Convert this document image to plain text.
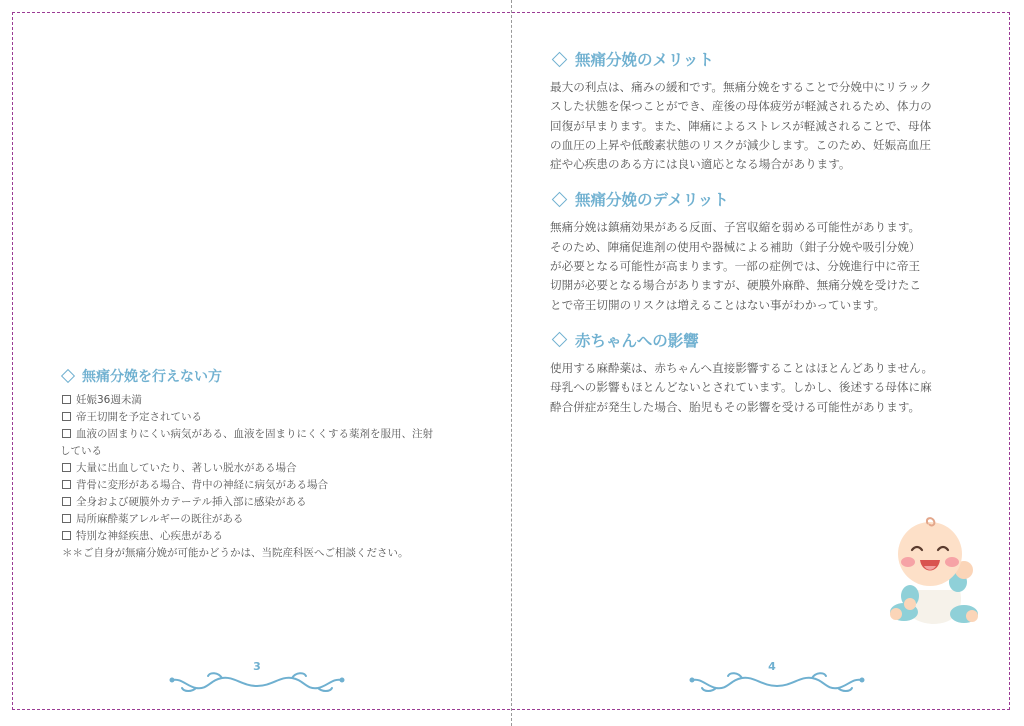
無痛分娩を行えない方
妊娠36週未満
帝王切開を予定されている
血液の固まりにくい病気がある、血液を固まりにくくする薬剤を服用、注射
している
大量に出血していたり、著しい脱水がある場合
背骨に変形がある場合、背中の神経に病気がある場合
全身および硬膜外カテーテル挿入部に感染がある
局所麻酔薬アレルギーの既往がある
特別な神経疾患、心疾患がある
＊＊ご自身が無痛分娩が可能かどうかは、当院産科医へご相談ください。
3
無痛分娩のメリット

最大の利点は、痛みの緩和です。無痛分娩をすることで分娩中にリラック
スした状態を保つことができ、産後の母体疲労が軽減されるため、体力の
回復が早まります。また、陣痛によるストレスが軽減されることで、母体
の血圧の上昇や低酸素状態のリスクが減少します。このため、妊娠高血圧
症や心疾患のある方には良い適応となる場合があります。

無痛分娩のデメリット

無痛分娩は鎮痛効果がある反面、子宮収縮を弱める可能性があります。
そのため、陣痛促進剤の使用や器械による補助（鉗子分娩や吸引分娩）
が必要となる可能性が高まります。一部の症例では、分娩進行中に帝王
切開が必要となる場合がありますが、硬膜外麻酔、無痛分娩を受けたこ
とで帝王切開のリスクは増えることはない事がわかっています。

赤ちゃんへの影響

使用する麻酔薬は、赤ちゃんへ直接影響することはほとんどありません。
母乳への影響もほとんどないとされています。しかし、後述する母体に麻
酔合併症が発生した場合、胎児もその影響を受ける可能性があります。

4
